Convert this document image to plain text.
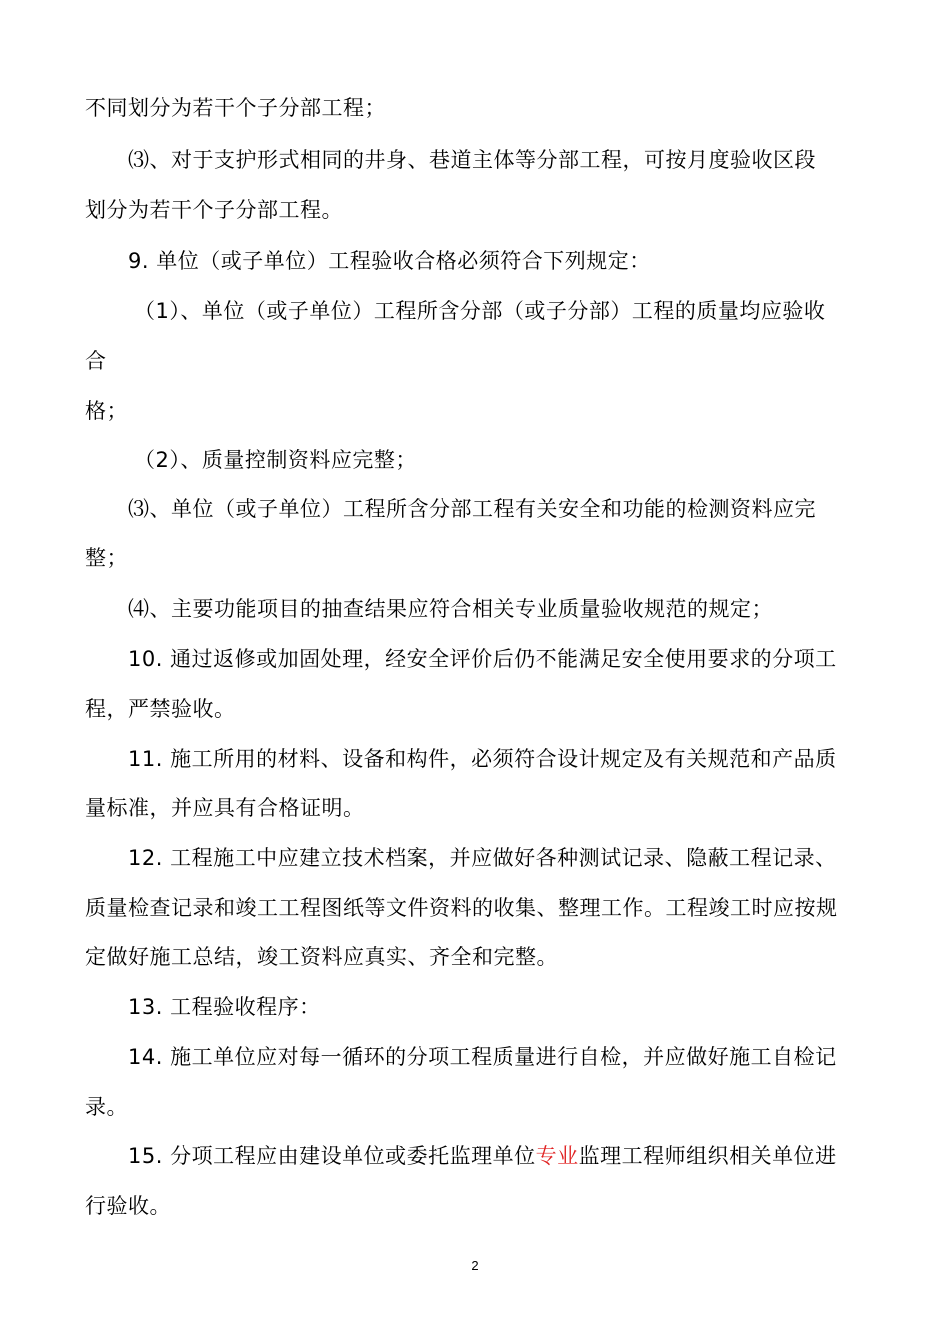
不同划分为若干个子分部工程；
⑶、对于支护形式相同的井身、巷道主体等分部工程，可按月度验收区段
划分为若干个子分部工程。
9. 单位（或子单位）工程验收合格必须符合下列规定：
（1）、单位（或子单位）工程所含分部（或子分部）工程的质量均应验收
合
格；
（2）、质量控制资料应完整；
⑶、单位（或子单位）工程所含分部工程有关安全和功能的检测资料应完
整；
⑷、主要功能项目的抽查结果应符合相关专业质量验收规范的规定；
10. 通过返修或加固处理，经安全评价后仍不能满足安全使用要求的分项工
程，严禁验收。
11. 施工所用的材料、设备和构件，必须符合设计规定及有关规范和产品质
量标准，并应具有合格证明。
12. 工程施工中应建立技术档案，并应做好各种测试记录、隐蔽工程记录、
质量检查记录和竣工工程图纸等文件资料的收集、整理工作。工程竣工时应按规
定做好施工总结，竣工资料应真实、齐全和完整。
13. 工程验收程序：
14. 施工单位应对每一循环的分项工程质量进行自检，并应做好施工自检记
录。
15. 分项工程应由建设单位或委托监理单位专业监理工程师组织相关单位进
行验收。
2
